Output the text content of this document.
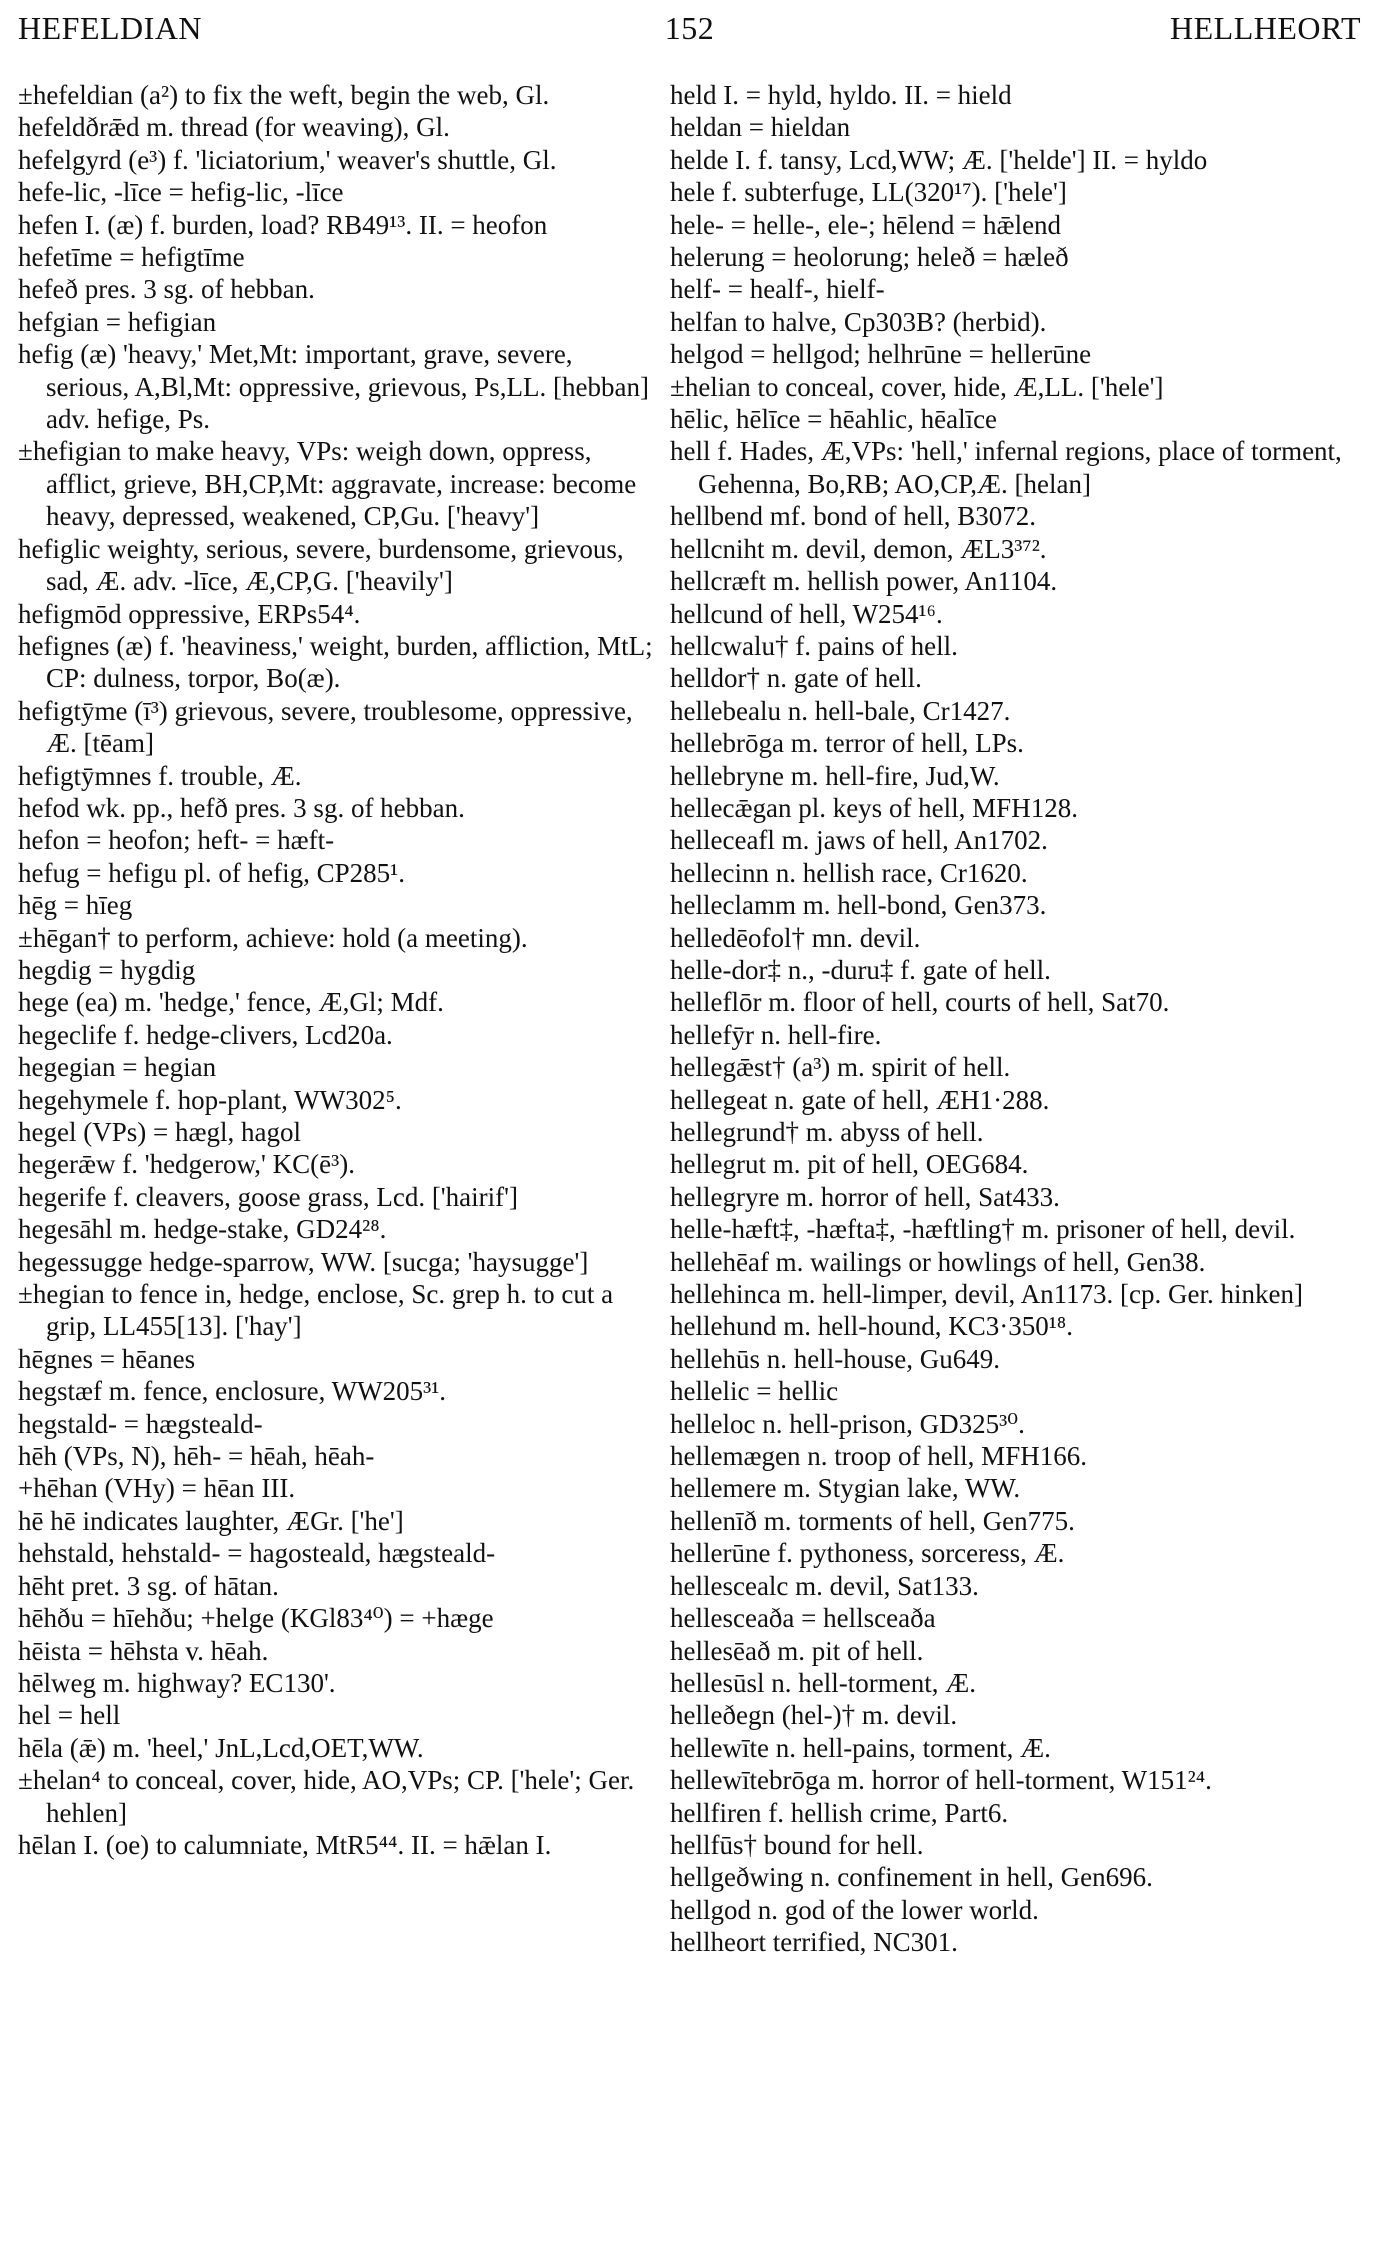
HEFELDIAN	152	HELLHEORT
±hefeldian (a²) to fix the weft, begin the web, Gl.
hefeldðrǣd m. thread (for weaving), Gl.
hefelgyrd (e³) f. 'liciatorium,' weaver's shuttle, Gl.
hefe-lic, -līce = hefig-lic, -līce
hefen I. (æ) f. burden, load? RB49¹³. II. = heofon
hefetīme = hefigtīme
hefeð pres. 3 sg. of hebban.
hefgian = hefigian
hefig (æ) 'heavy,' Met,Mt: important, grave, severe, serious, A,Bl,Mt: oppressive, grievous, Ps,LL. [hebban] adv. hefige, Ps.
±hefigian to make heavy, VPs: weigh down, oppress, afflict, grieve, BH,CP,Mt: aggravate, increase: become heavy, depressed, weakened, CP,Gu. ['heavy']
hefiglic weighty, serious, severe, burdensome, grievous, sad, Æ. adv. -līce, Æ,CP,G. ['heavily']
hefigmōd oppressive, ERPs54⁴.
hefignes (æ) f. 'heaviness,' weight, burden, affliction, MtL; CP: dulness, torpor, Bo(æ).
hefigtȳme (ī³) grievous, severe, troublesome, oppressive, Æ. [tēam]
hefigtȳmnes f. trouble, Æ.
hefod wk. pp., hefð pres. 3 sg. of hebban.
hefon = heofon; heft- = hæft-
hefug = hefigu pl. of hefig, CP285¹.
hēg = hīeg
±hēgan† to perform, achieve: hold (a meeting).
hegdig = hygdig
hege (ea) m. 'hedge,' fence, Æ,Gl; Mdf.
hegeclife f. hedge-clivers, Lcd20a.
hegegian = hegian
hegehymele f. hop-plant, WW302⁵.
hegel (VPs) = hægl, hagol
hegerǣw f. 'hedgerow,' KC(ē³).
hegerife f. cleavers, goose grass, Lcd. ['hairif']
hegesāhl m. hedge-stake, GD24²⁸.
hegessugge hedge-sparrow, WW. [sucga; 'haysugge']
±hegian to fence in, hedge, enclose, Sc. grep h. to cut a grip, LL455[13]. ['hay']
hēgnes = hēanes
hegstæf m. fence, enclosure, WW205³¹.
hegstald- = hægsteald-
hēh (VPs, N), hēh- = hēah, hēah-
+hēhan (VHy) = hēan III.
hē hē indicates laughter, ÆGr. ['he']
hehstald, hehstald- = hagosteald, hægsteald-
hēht pret. 3 sg. of hātan.
hēhðu = hīehðu; +helge (KGl83⁴⁰) = +hæge
hēista = hēhsta v. hēah.
hēlweg m. highway? EC130'.
hel = hell
hēla (ǣ) m. 'heel,' JnL,Lcd,OET,WW.
±helan⁴ to conceal, cover, hide, AO,VPs; CP. ['hele'; Ger. hehlen]
hēlan I. (oe) to calumniate, MtR5⁴⁴. II. = hǣlan I.
held I. = hyld, hyldo. II. = hield
heldan = hieldan
helde I. f. tansy, Lcd,WW; Æ. ['helde'] II. = hyldo
hele f. subterfuge, LL(320¹⁷). ['hele']
hele- = helle-, ele-; hēlend = hǣlend
helerung = heolorung; heleð = hæleð
helf- = healf-, hielf-
helfan to halve, Cp303B? (herbid).
helgod = hellgod; helhrūne = hellerūne
±helian to conceal, cover, hide, Æ,LL. ['hele']
hēlic, hēlīce = hēahlic, hēalīce
hell f. Hades, Æ,VPs: 'hell,' infernal regions, place of torment, Gehenna, Bo,RB; AO,CP,Æ. [helan]
hellbend mf. bond of hell, B3072.
hellcniht m. devil, demon, ÆL3³⁷².
hellcræft m. hellish power, An1104.
hellcund of hell, W254¹⁶.
hellcwalu† f. pains of hell.
helldor† n. gate of hell.
hellebealu n. hell-bale, Cr1427.
hellebrōga m. terror of hell, LPs.
hellebryne m. hell-fire, Jud,W.
hellecǣgan pl. keys of hell, MFH128.
helleceafl m. jaws of hell, An1702.
hellecinn n. hellish race, Cr1620.
helleclamm m. hell-bond, Gen373.
helledēofol† mn. devil.
helle-dor‡ n., -duru‡ f. gate of hell.
helleflōr m. floor of hell, courts of hell, Sat70.
hellefȳr n. hell-fire.
hellegǣst† (a³) m. spirit of hell.
hellegeat n. gate of hell, ÆH1·288.
hellegrund† m. abyss of hell.
hellegrut m. pit of hell, OEG684.
hellegryre m. horror of hell, Sat433.
helle-hæft‡, -hæfta‡, -hæftling† m. prisoner of hell, devil.
hellehēaf m. wailings or howlings of hell, Gen38.
hellehinca m. hell-limper, devil, An1173. [cp. Ger. hinken]
hellehund m. hell-hound, KC3·350¹⁸.
hellehūs n. hell-house, Gu649.
hellelic = hellic
helleloc n. hell-prison, GD325³⁰.
hellemægen n. troop of hell, MFH166.
hellemere m. Stygian lake, WW.
hellenīð m. torments of hell, Gen775.
hellerūne f. pythoness, sorceress, Æ.
hellescealc m. devil, Sat133.
hellesceaða = hellsceaða
hellesēað m. pit of hell.
hellesūsl n. hell-torment, Æ.
helleðegn (hel-)† m. devil.
hellewīte n. hell-pains, torment, Æ.
hellewītebrōga m. horror of hell-torment, W151²⁴.
hellfiren f. hellish crime, Part6.
hellfūs† bound for hell.
hellgeðwing n. confinement in hell, Gen696.
hellgod n. god of the lower world.
hellheort terrified, NC301.
